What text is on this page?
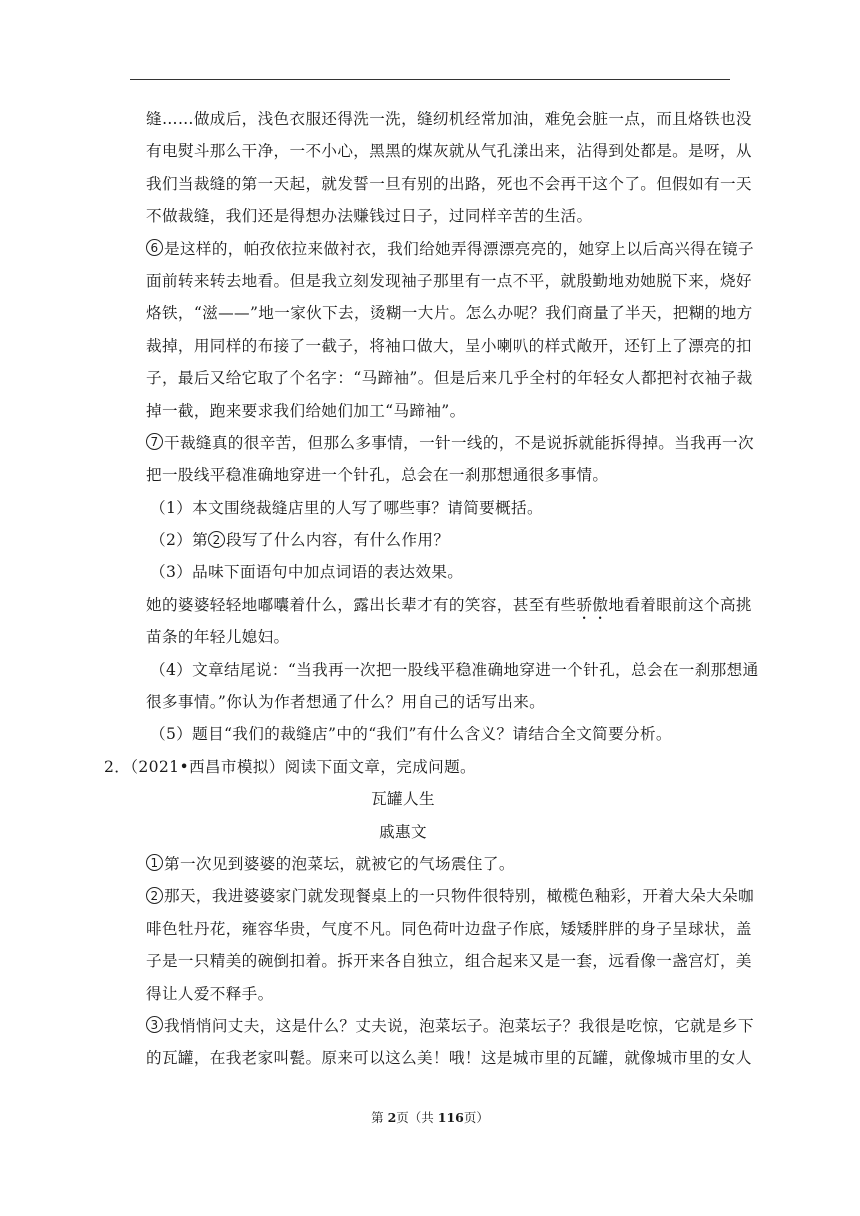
缝……做成后，浅色衣服还得洗一洗，缝纫机经常加油，难免会脏一点，而且烙铁也没
有电熨斗那么干净，一不小心，黑黑的煤灰就从气孔漾出来，沾得到处都是。是呀，从
我们当裁缝的第一天起，就发誓一旦有别的出路，死也不会再干这个了。但假如有一天
不做裁缝，我们还是得想办法赚钱过日子，过同样辛苦的生活。
6 是这样的，帕孜依拉来做衬衣，我们给她弄得漂漂亮亮的，她穿上以后高兴得在镜子
面前转来转去地看。但是我立刻发现袖子那里有一点不平，就殷勤地劝她脱下来，烧好
烙铁，“滋——”地一家伙下去，烫糊一大片。怎么办呢？我们商量了半天，把糊的地方
裁掉，用同样的布接了一截子，将袖口做大，呈小喇叭的样式敞开，还钉上了漂亮的扣
子，最后又给它取了个名字：“马蹄袖”。但是后来几乎全村的年轻女人都把衬衣袖子裁
掉一截，跑来要求我们给她们加工“马蹄袖”。
7 干裁缝真的很辛苦，但那么多事情，一针一线的，不是说拆就能拆得掉。当我再一次
把一股线平稳准确地穿进一个针孔，总会在一刹那想通很多事情。
（1）本文围绕裁缝店里的人写了哪些事？请简要概括。
（2）第 2 段写了什么内容，有什么作用？
（3）品味下面语句中加点词语的表达效果。
她的婆婆轻轻地嘟囔着什么，露出长辈才有的笑容，甚至有些骄傲地看着眼前这个高挑
苗条的年轻儿媳妇。
（4）文章结尾说：“当我再一次把一股线平稳准确地穿进一个针孔，总会在一刹那想通
很多事情。”你认为作者想通了什么？用自己的话写出来。
（5）题目“我们的裁缝店”中的“我们”有什么含义？请结合全文简要分析。
2．（2021•西昌市模拟）阅读下面文章，完成问题。
瓦罐人生
戚惠文
1 第一次见到婆婆的泡菜坛，就被它的气场震住了。
2 那天，我进婆婆家门就发现餐桌上的一只物件很特别，橄榄色釉彩，开着大朵大朵咖
啡色牡丹花，雍容华贵，气度不凡。同色荷叶边盘子作底，矮矮胖胖的身子呈球状，盖
子是一只精美的碗倒扣着。拆开来各自独立，组合起来又是一套，远看像一盏宫灯，美
得让人爱不释手。
3 我悄悄问丈夫，这是什么？丈夫说，泡菜坛子。泡菜坛子？我很是吃惊，它就是乡下
的瓦罐，在我老家叫甏。原来可以这么美！哦！这是城市里的瓦罐，就像城市里的女人
第 2页（共 116页）
